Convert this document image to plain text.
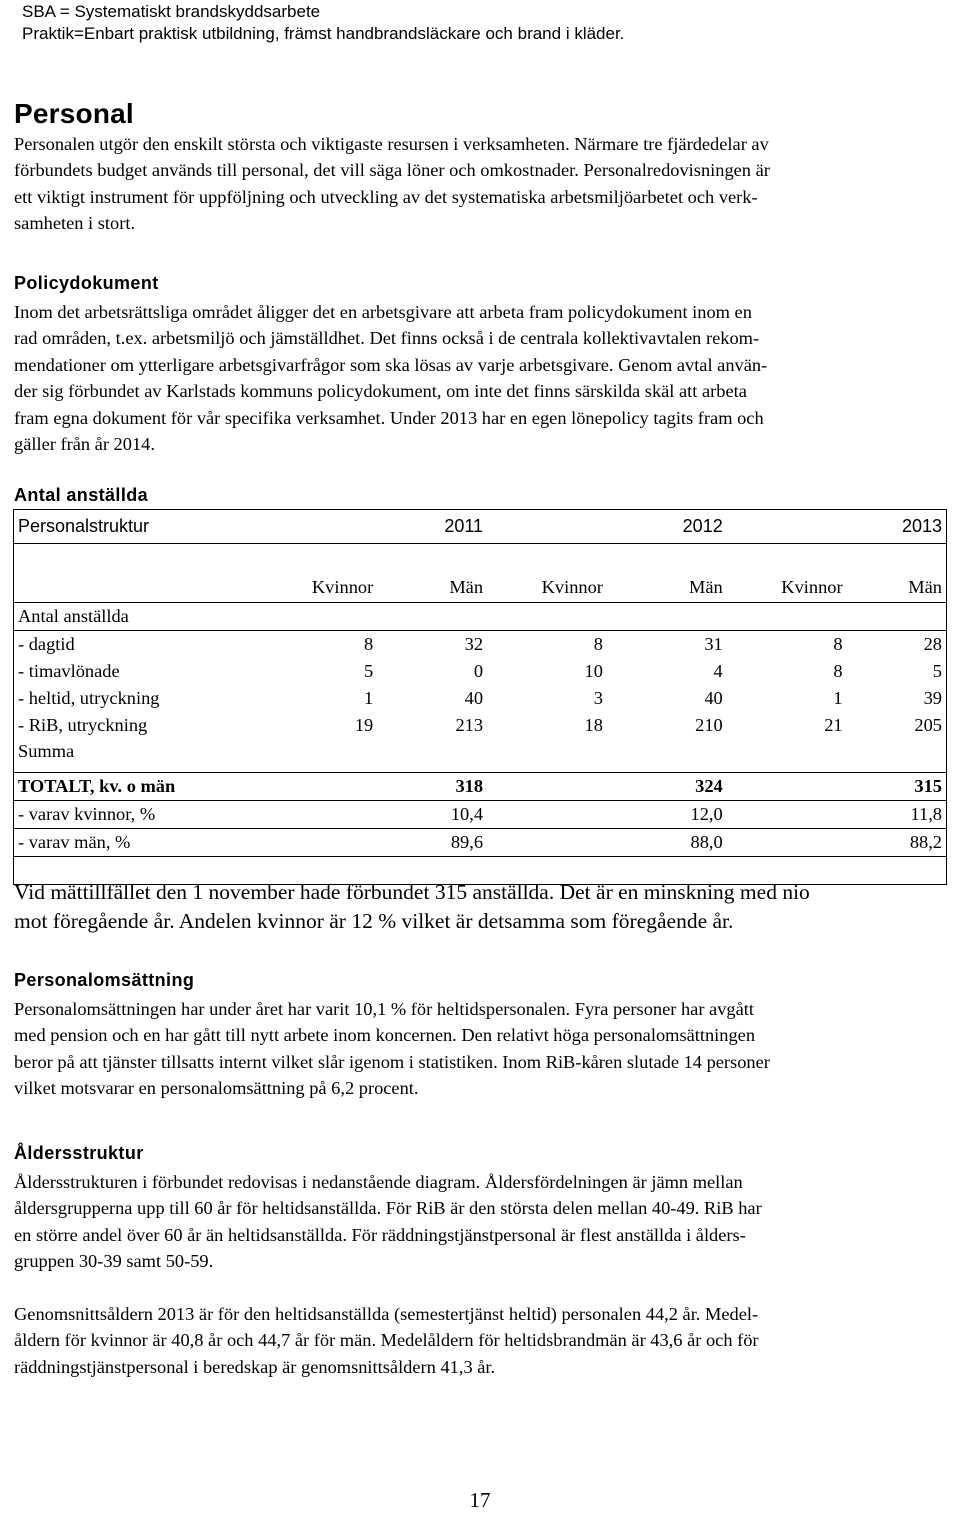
SBA = Systematiskt brandskyddsarbete
Praktik=Enbart praktisk utbildning, främst handbrandsläckare och brand i kläder.
Personal
Personalen utgör den enskilt största och viktigaste resursen i verksamheten. Närmare tre fjärdedelar av
förbundets budget används till personal, det vill säga löner och omkostnader. Personalredovisningen är
ett viktigt instrument för uppföljning och utveckling av det systematiska arbetsmiljöarbetet och verk-
samheten i stort.
Policydokument
Inom det arbetsrättsliga området åligger det en arbetsgivare att arbeta fram policydokument inom en
rad områden, t.ex. arbetsmiljö och jämställdhet. Det finns också i de centrala kollektivavtalen rekom-
mendationer om ytterligare arbetsgivarfrågor som ska lösas av varje arbetsgivare. Genom avtal använ-
der sig förbundet av Karlstads kommuns policydokument, om inte det finns särskilda skäl att arbeta
fram egna dokument för vår specifika verksamhet. Under 2013 har en egen lönepolicy tagits fram och
gäller från år 2014.
Antal anställda
Personalstruktur	2011		2012		2013	

	Kvinnor	Män	Kvinnor	Män	Kvinnor	Män
Antal anställda						
- dagtid	8	32	8	31	8	28
- timavlönade	5	0	10	4	8	5
- heltid, utryckning	1	40	3	40	1	39
- RiB, utryckning	19	213	18	210	21	205
Summa						
TOTALT, kv. o män	318		324		315	
- varav kvinnor, %	10,4		12,0		11,8	
- varav män, %	89,6		88,0		88,2	

Vid mättillfället den 1 november hade förbundet 315 anställda. Det är en minskning med nio
mot föregående år. Andelen kvinnor är 12 % vilket är detsamma som föregående år.
Personalomsättning
Personalomsättningen har under året har varit 10,1 % för heltidspersonalen. Fyra personer har avgått
med pension och en har gått till nytt arbete inom koncernen. Den relativt höga personalomsättningen
beror på att tjänster tillsatts internt vilket slår igenom i statistiken. Inom RiB-kåren slutade 14 personer
vilket motsvarar en personalomsättning på 6,2 procent.
Åldersstruktur
Åldersstrukturen i förbundet redovisas i nedanstående diagram. Åldersfördelningen är jämn mellan
åldersgrupperna upp till 60 år för heltidsanställda. För RiB är den största delen mellan 40-49. RiB har
en större andel över 60 år än heltidsanställda. För räddningstjänstpersonal är flest anställda i ålders-
gruppen 30-39 samt 50-59.
Genomsnittsåldern 2013 är för den heltidsanställda (semestertjänst heltid) personalen 44,2 år. Medel-
åldern för kvinnor är 40,8 år och 44,7 år för män. Medelåldern för heltidsbrandmän är 43,6 år och för
räddningstjänstpersonal i beredskap är genomsnittsåldern 41,3 år.
17
